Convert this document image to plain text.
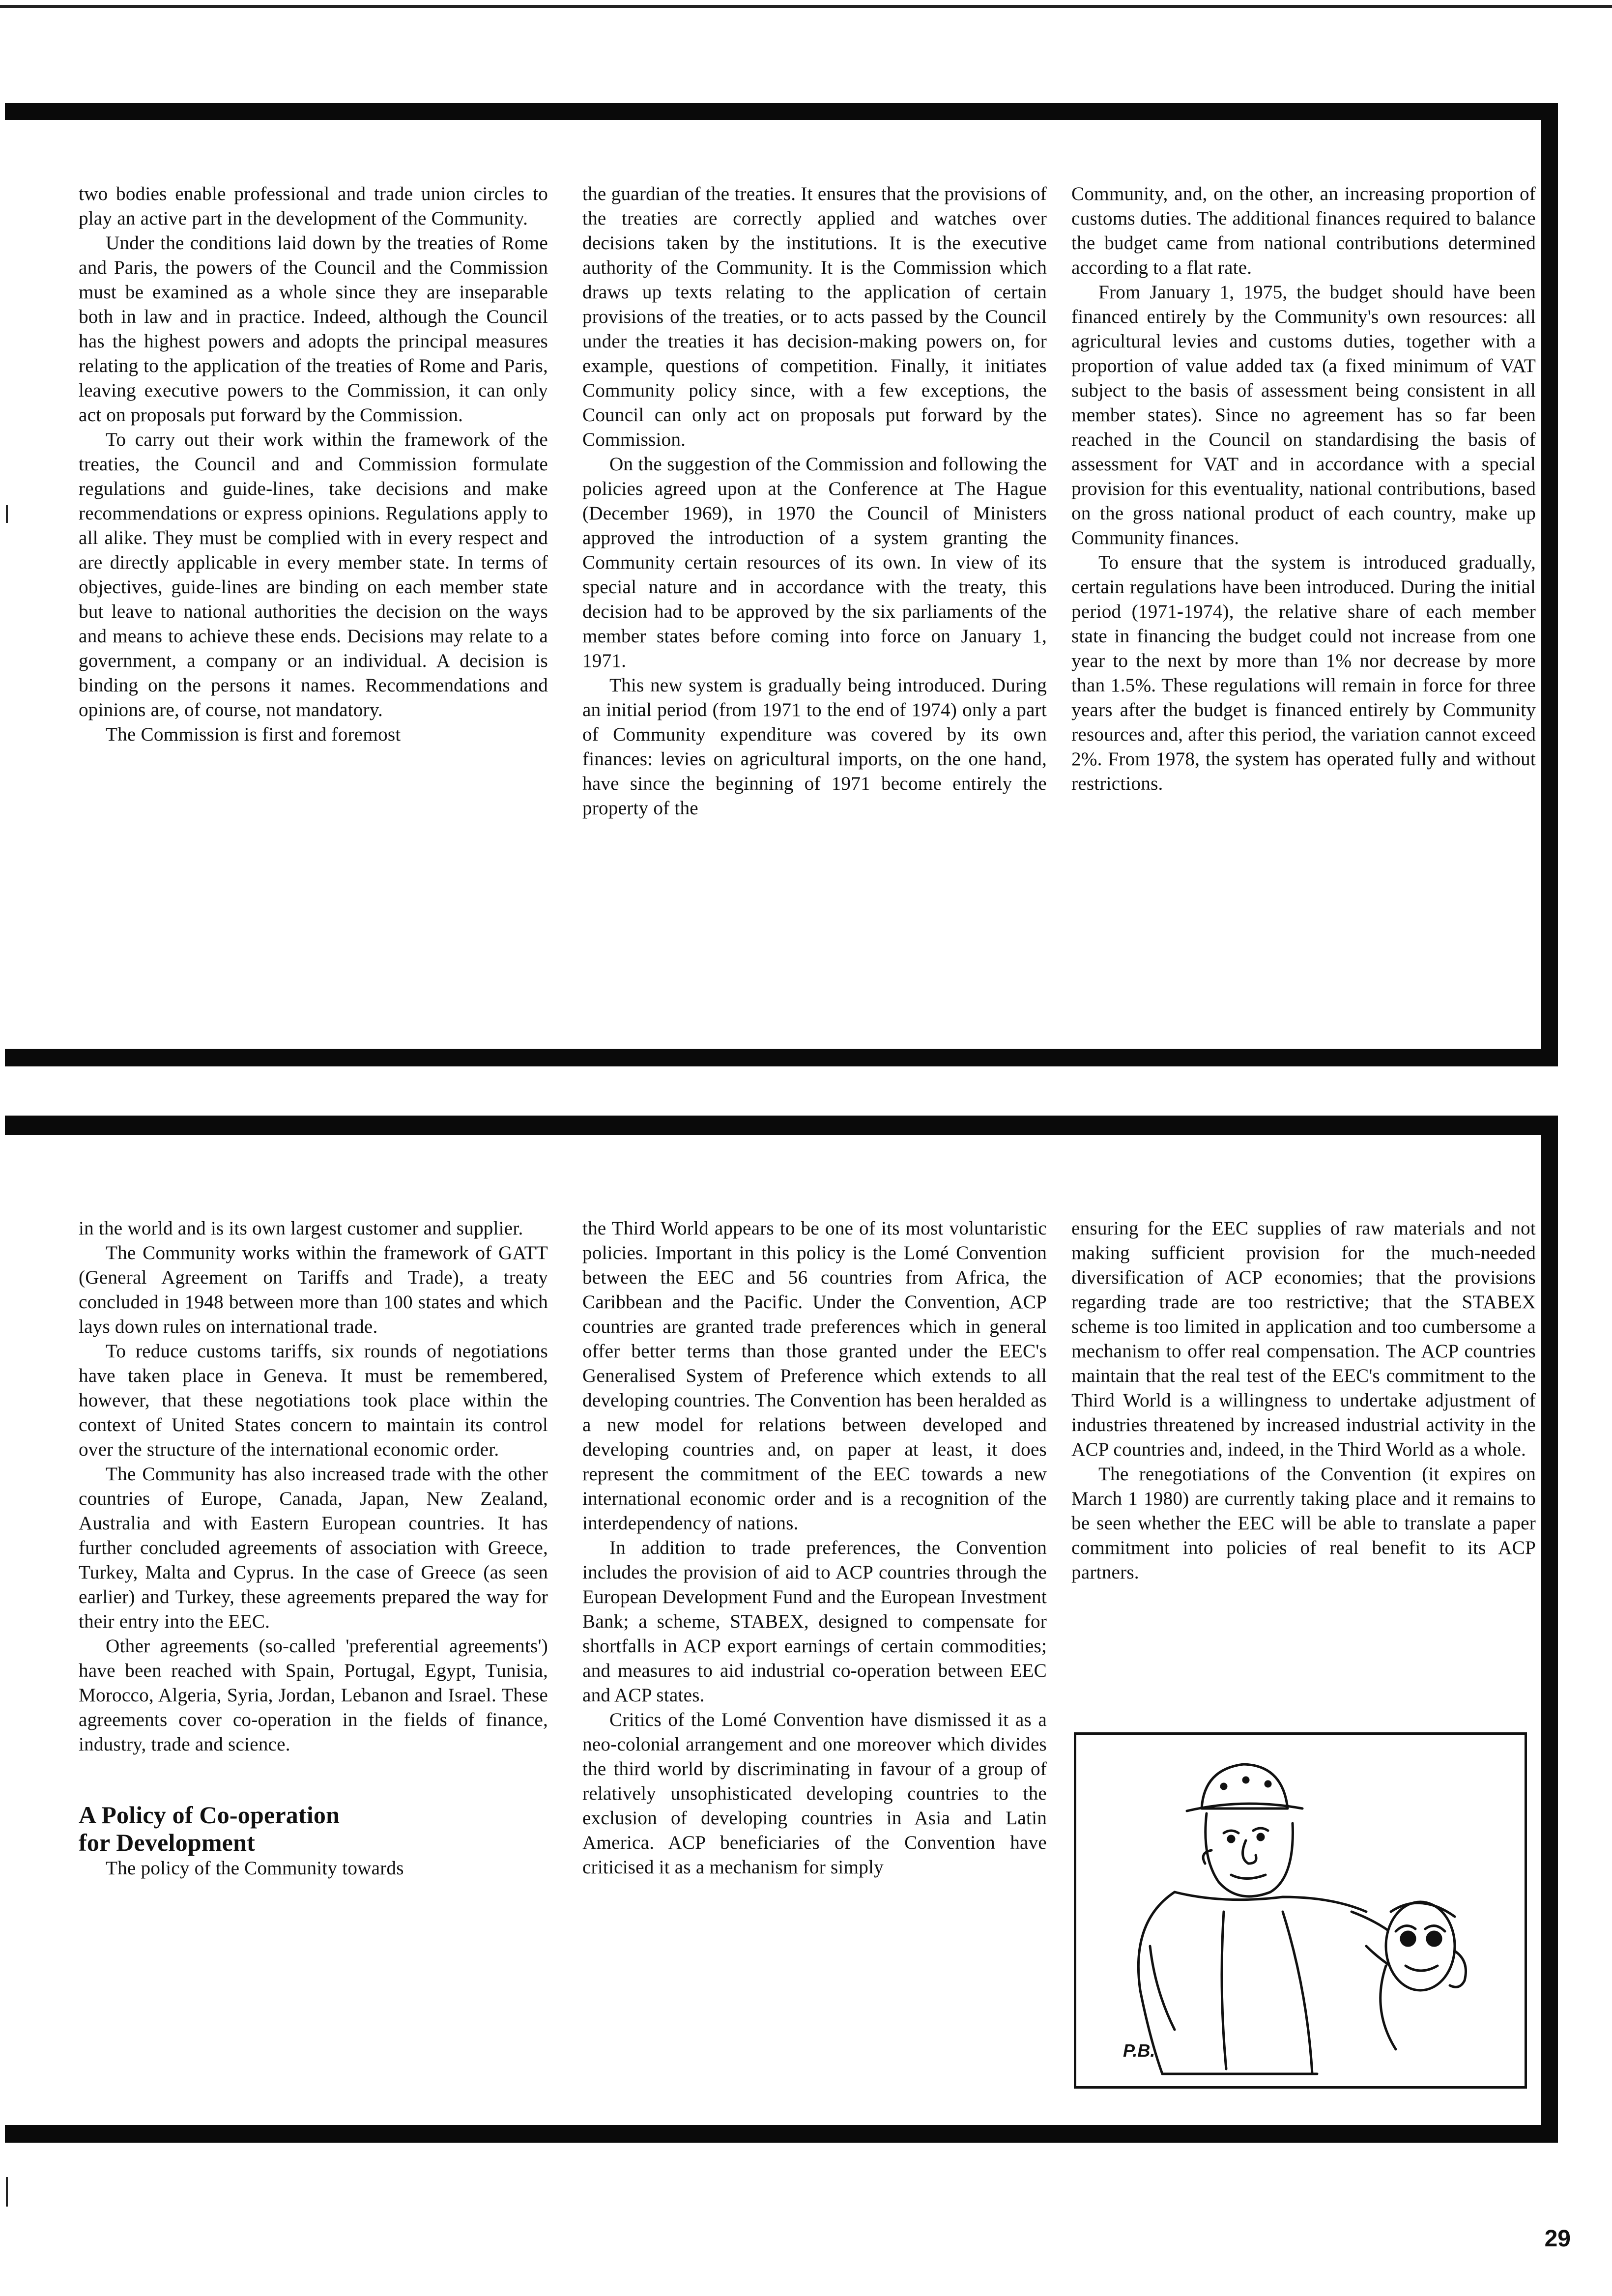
two bodies enable professional and trade union circles to play an active part in the development of the Community.

Under the conditions laid down by the treaties of Rome and Paris, the powers of the Council and the Commission must be examined as a whole since they are inseparable both in law and in practice. Indeed, although the Council has the highest powers and adopts the principal measures relating to the application of the treaties of Rome and Paris, leaving executive powers to the Commission, it can only act on proposals put forward by the Commission.

To carry out their work within the framework of the treaties, the Council and and Commission formulate regulations and guide-lines, take decisions and make recommendations or express opinions. Regulations apply to all alike. They must be complied with in every respect and are directly applicable in every member state. In terms of objectives, guide-lines are binding on each member state but leave to national authorities the decision on the ways and means to achieve these ends. Decisions may relate to a government, a company or an individual. A decision is binding on the persons it names. Recommendations and opinions are, of course, not mandatory.

The Commission is first and foremost

the guardian of the treaties. It ensures that the provisions of the treaties are correctly applied and watches over decisions taken by the institutions. It is the executive authority of the Community. It is the Commission which draws up texts relating to the application of certain provisions of the treaties, or to acts passed by the Council under the treaties it has decision-making powers on, for example, questions of competition. Finally, it initiates Community policy since, with a few exceptions, the Council can only act on proposals put forward by the Commission.

On the suggestion of the Commission and following the policies agreed upon at the Conference at The Hague (December 1969), in 1970 the Council of Ministers approved the introduction of a system granting the Community certain resources of its own. In view of its special nature and in accordance with the treaty, this decision had to be approved by the six parliaments of the member states before coming into force on January 1, 1971.

This new system is gradually being introduced. During an initial period (from 1971 to the end of 1974) only a part of Community expenditure was covered by its own finances: levies on agricultural imports, on the one hand, have since the beginning of 1971 become entirely the property of the

Community, and, on the other, an increasing proportion of customs duties. The additional finances required to balance the budget came from national contributions determined according to a flat rate.

From January 1, 1975, the budget should have been financed entirely by the Community's own resources: all agricultural levies and customs duties, together with a proportion of value added tax (a fixed minimum of VAT subject to the basis of assessment being consistent in all member states). Since no agreement has so far been reached in the Council on standardising the basis of assessment for VAT and in accordance with a special provision for this eventuality, national contributions, based on the gross national product of each country, make up Community finances.

To ensure that the system is introduced gradually, certain regulations have been introduced. During the initial period (1971-1974), the relative share of each member state in financing the budget could not increase from one year to the next by more than 1% nor decrease by more than 1.5%. These regulations will remain in force for three years after the budget is financed entirely by Community resources and, after this period, the variation cannot exceed 2%. From 1978, the system has operated fully and without restrictions.

in the world and is its own largest customer and supplier.

The Community works within the framework of GATT (General Agreement on Tariffs and Trade), a treaty concluded in 1948 between more than 100 states and which lays down rules on international trade.

To reduce customs tariffs, six rounds of negotiations have taken place in Geneva. It must be remembered, however, that these negotiations took place within the context of United States concern to maintain its control over the structure of the international economic order.

The Community has also increased trade with the other countries of Europe, Canada, Japan, New Zealand, Australia and with Eastern European countries. It has further concluded agreements of association with Greece, Turkey, Malta and Cyprus. In the case of Greece (as seen earlier) and Turkey, these agreements prepared the way for their entry into the EEC.

Other agreements (so-called 'preferential agreements') have been reached with Spain, Portugal, Egypt, Tunisia, Morocco, Algeria, Syria, Jordan, Lebanon and Israel. These agreements cover co-operation in the fields of finance, industry, trade and science.

A Policy of Co-operation
for Development

The policy of the Community towards

the Third World appears to be one of its most voluntaristic policies. Important in this policy is the Lomé Convention between the EEC and 56 countries from Africa, the Caribbean and the Pacific. Under the Convention, ACP countries are granted trade preferences which in general offer better terms than those granted under the EEC's Generalised System of Preference which extends to all developing countries. The Convention has been heralded as a new model for relations between developed and developing countries and, on paper at least, it does represent the commitment of the EEC towards a new international economic order and is a recognition of the interdependency of nations.

In addition to trade preferences, the Convention includes the provision of aid to ACP countries through the European Development Fund and the European Investment Bank; a scheme, STABEX, designed to compensate for shortfalls in ACP export earnings of certain commodities; and measures to aid industrial co-operation between EEC and ACP states.

Critics of the Lomé Convention have dismissed it as a neo-colonial arrangement and one moreover which divides the third world by discriminating in favour of a group of relatively unsophisticated developing countries to the exclusion of developing countries in Asia and Latin America. ACP beneficiaries of the Convention have criticised it as a mechanism for simply

ensuring for the EEC supplies of raw materials and not making sufficient provision for the much-needed diversification of ACP economies; that the provisions regarding trade are too restrictive; that the STABEX scheme is too limited in application and too cumbersome a mechanism to offer real compensation. The ACP countries maintain that the real test of the EEC's commitment to the Third World is a willingness to undertake adjustment of industries threatened by increased industrial activity in the ACP countries and, indeed, in the Third World as a whole.

The renegotiations of the Convention (it expires on March 1 1980) are currently taking place and it remains to be seen whether the EEC will be able to translate a paper commitment into policies of real benefit to its ACP partners.

P.B.
29
